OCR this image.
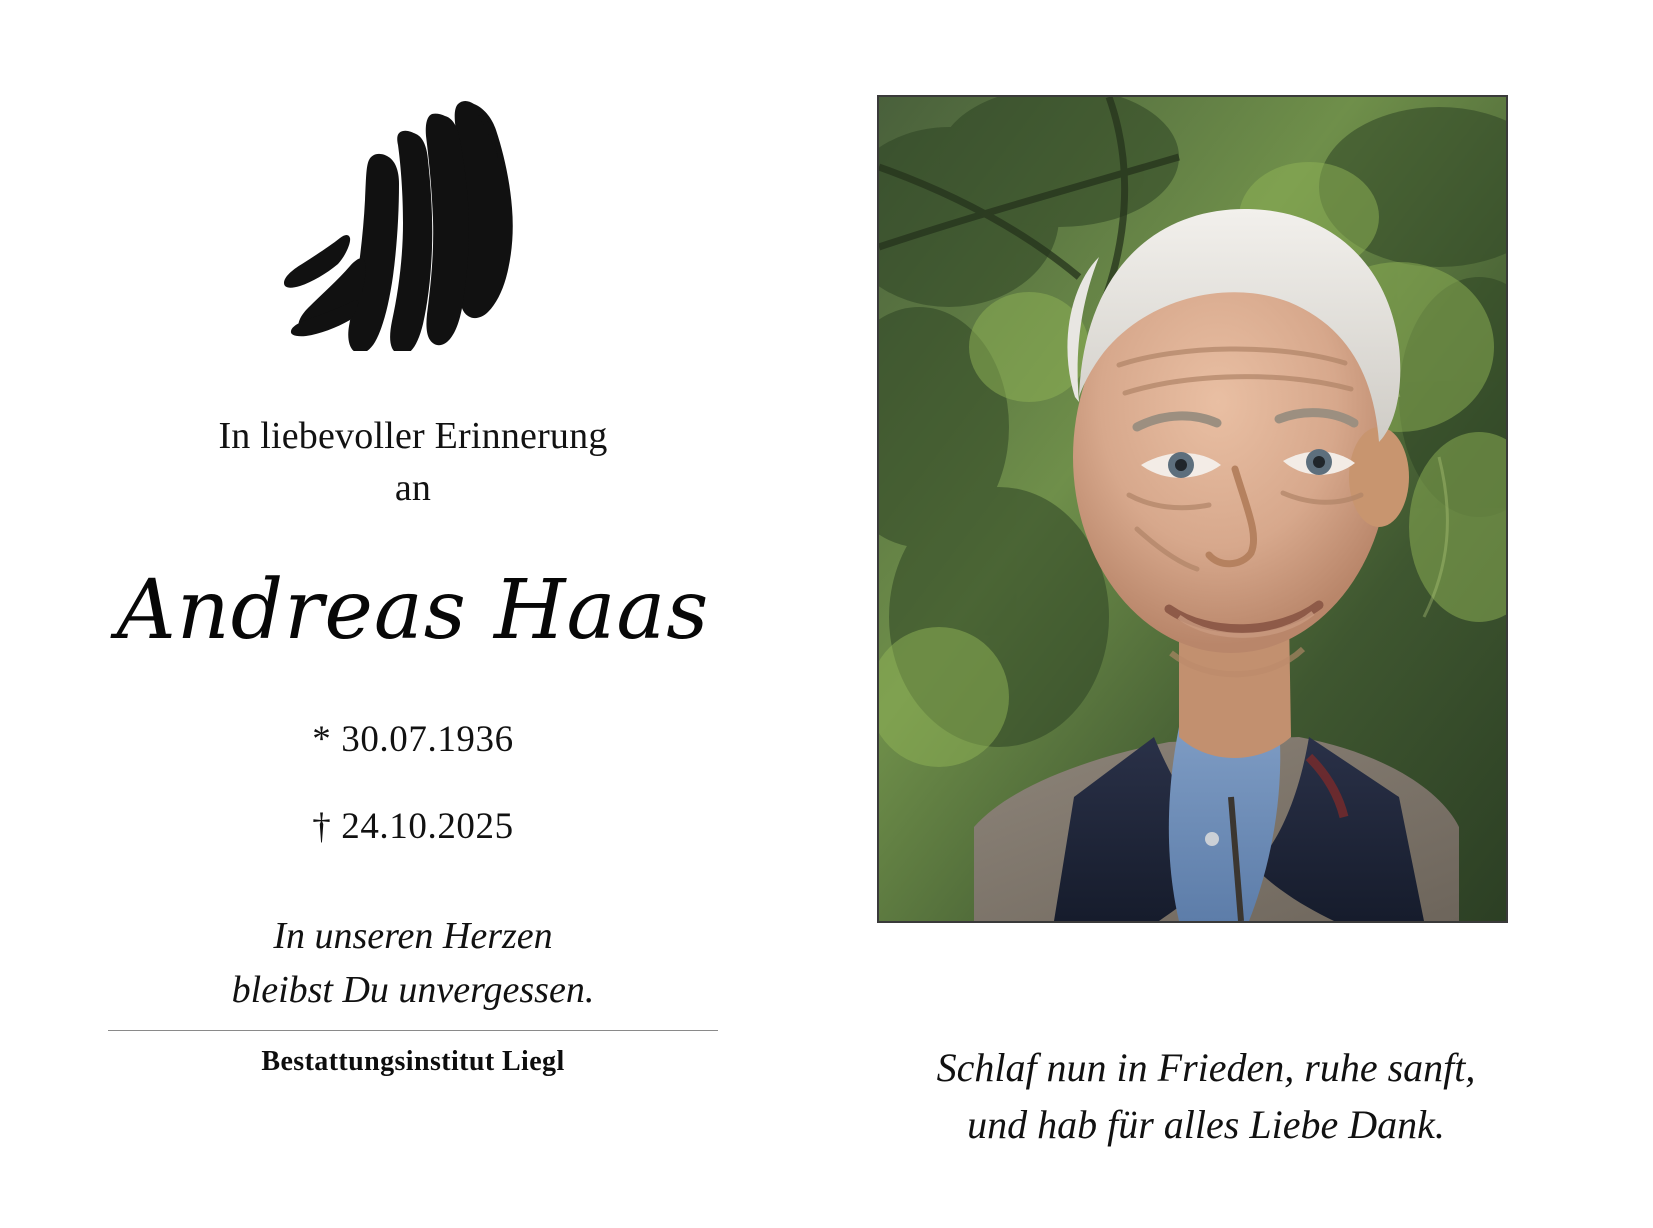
In liebevoller Erinnerung
an
Andreas Haas
* 30.07.1936
† 24.10.2025
In unseren Herzen
bleibst Du unvergessen.
Bestattungsinstitut Liegl	Schlaf nun in Frieden, ruhe sanft,
und hab für alles Liebe Dank.
